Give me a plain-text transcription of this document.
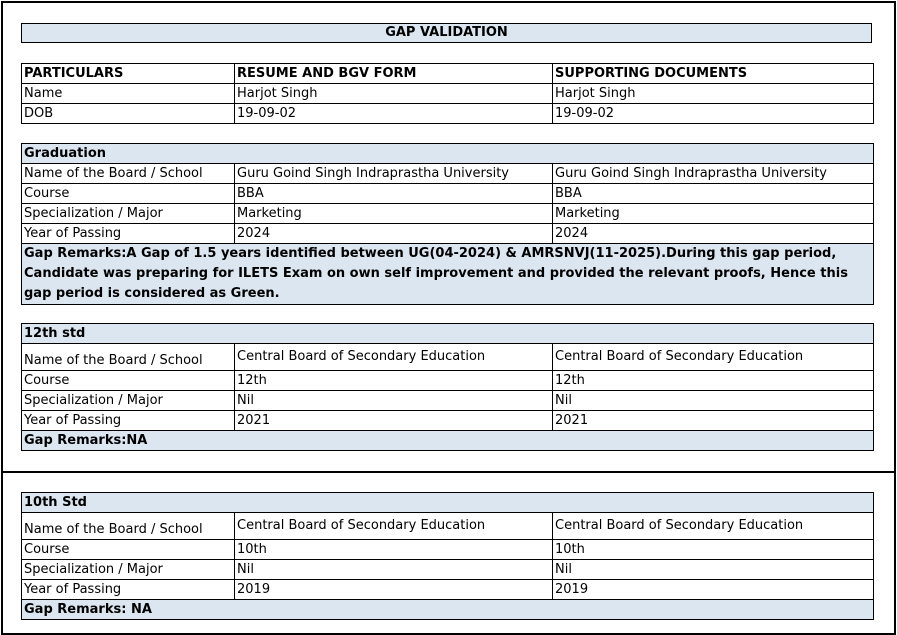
GAP VALIDATION
PARTICULARS	RESUME AND BGV FORM	SUPPORTING DOCUMENTS
Name	Harjot Singh	Harjot Singh
DOB	19-09-02	19-09-02
Graduation		
Name of the Board / School	Guru Goind Singh Indraprastha University	Guru Goind Singh Indraprastha University
Course	BBA	BBA
Specialization / Major	Marketing	Marketing
Year of Passing	2024	2024
Gap Remarks:A Gap of 1.5 years identified between UG(04-2024) & AMRSNVJ(11-2025).During this gap period, Candidate was preparing for ILETS Exam on own self improvement and provided the relevant proofs, Hence this gap period is considered as Green.		
12th std		
Name of the Board / School	Central Board of Secondary Education	Central Board of Secondary Education
Course	12th	12th
Specialization / Major	Nil	Nil
Year of Passing	2021	2021
Gap Remarks:NA		
10th Std		
Name of the Board / School	Central Board of Secondary Education	Central Board of Secondary Education
Course	10th	10th
Specialization / Major	Nil	Nil
Year of Passing	2019	2019
Gap Remarks: NA		
